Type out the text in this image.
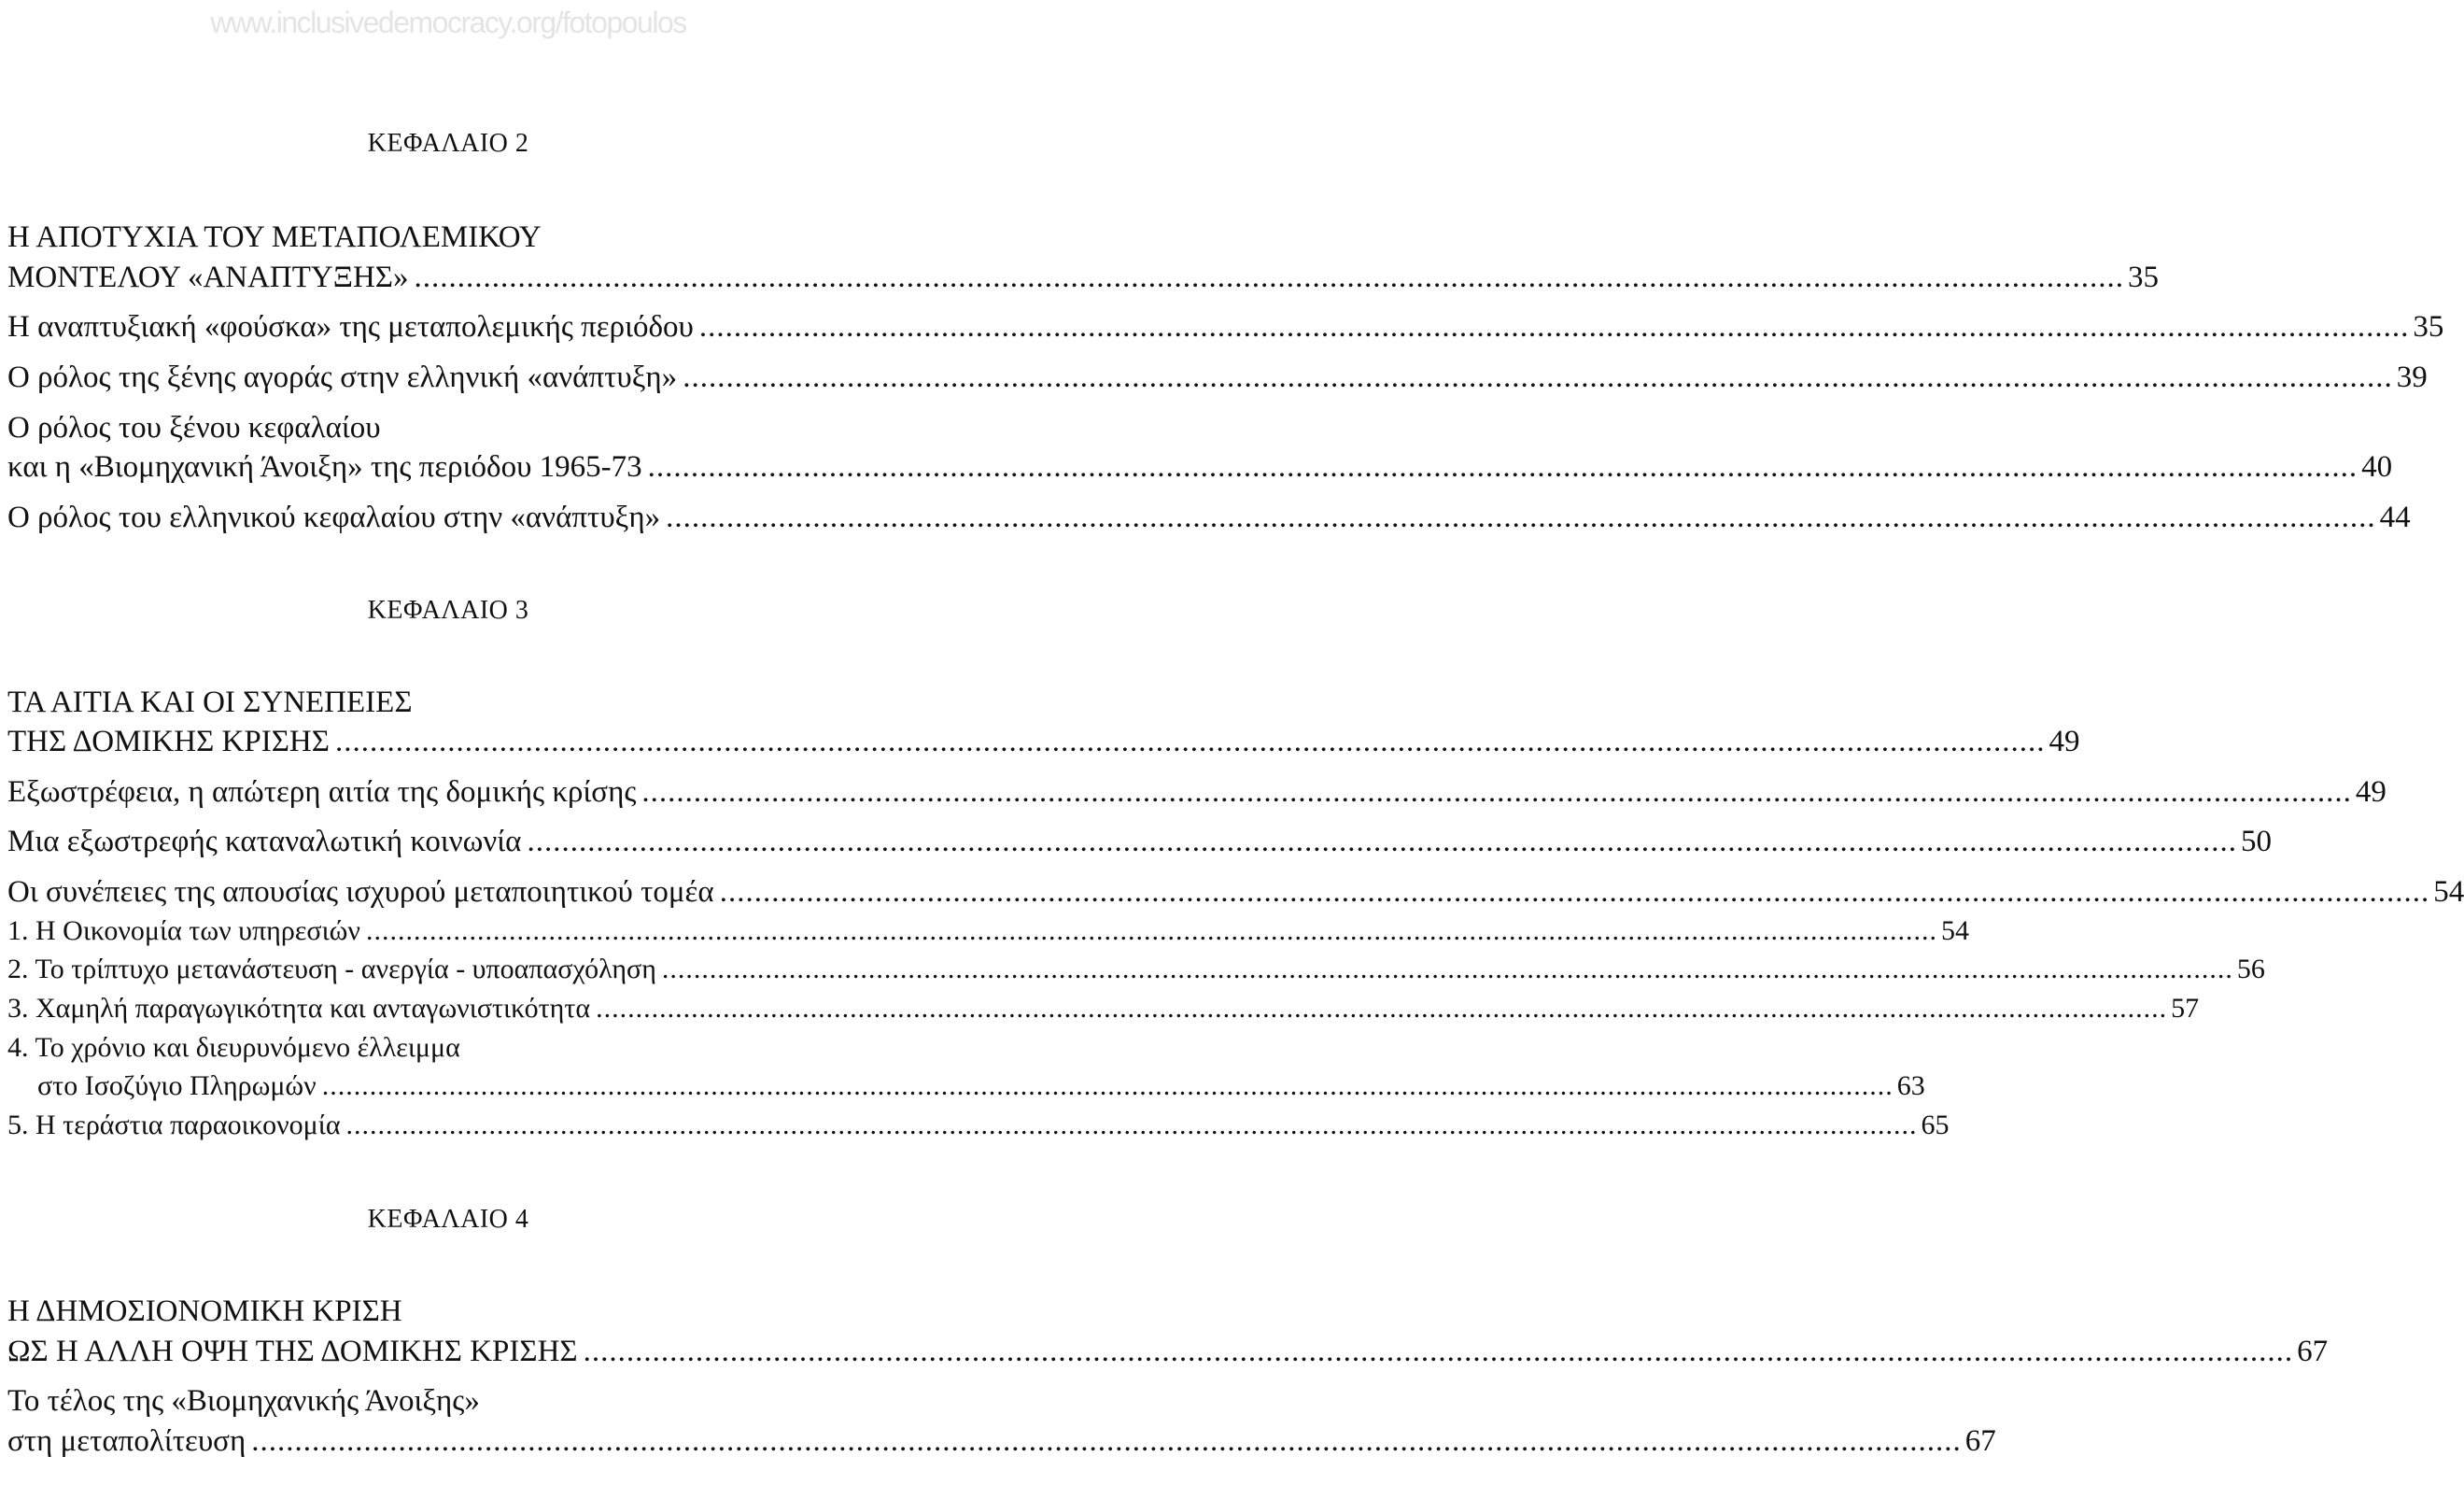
www.inclusivedemocracy.org/fotopoulos
ΚΕΦΑΛΑΙΟ 2
Η ΑΠΟΤΥΧΙΑ ΤΟΥ ΜΕΤΑΠΟΛΕΜΙΚΟΥ
ΜΟΝΤΕΛΟΥ «ΑΝΑΠΤΥΞΗΣ» .....	35
Η αναπτυξιακή «φούσκα» της μεταπολεμικής περιόδου .....	35
Ο ρόλος της ξένης αγοράς στην ελληνική «ανάπτυξη» .....	39
Ο ρόλος του ξένου κεφαλαίου
και η «Βιομηχανική Άνοιξη» της περιόδου 1965-73 .....	40
Ο ρόλος του ελληνικού κεφαλαίου στην «ανάπτυξη» .....	44
ΚΕΦΑΛΑΙΟ 3
ΤΑ ΑΙΤΙΑ ΚΑΙ ΟΙ ΣΥΝΕΠΕΙΕΣ
ΤΗΣ ΔΟΜΙΚΗΣ ΚΡΙΣΗΣ .....	49
Εξωστρέφεια, η απώτερη αιτία της δομικής κρίσης .....	49
Μια εξωστρεφής καταναλωτική κοινωνία .....	50
Οι συνέπειες της απουσίας ισχυρού μεταποιητικού τομέα .....	54
1. Η Οικονομία των υπηρεσιών .....	54
2. Το τρίπτυχο μετανάστευση - ανεργία - υποαπασχόληση .....	56
3. Χαμηλή παραγωγικότητα και ανταγωνιστικότητα .....	57
4. Το χρόνιο και διευρυνόμενο έλλειμμα
στο Ισοζύγιο Πληρωμών .....	63
5. Η τεράστια παραοικονομία .....	65
ΚΕΦΑΛΑΙΟ 4
Η ΔΗΜΟΣΙΟΝΟΜΙΚΗ ΚΡΙΣΗ
ΩΣ Η ΑΛΛΗ ΟΨΗ ΤΗΣ ΔΟΜΙΚΗΣ ΚΡΙΣΗΣ .....	67
Το τέλος της «Βιομηχανικής Άνοιξης»
στη μεταπολίτευση .....	67
